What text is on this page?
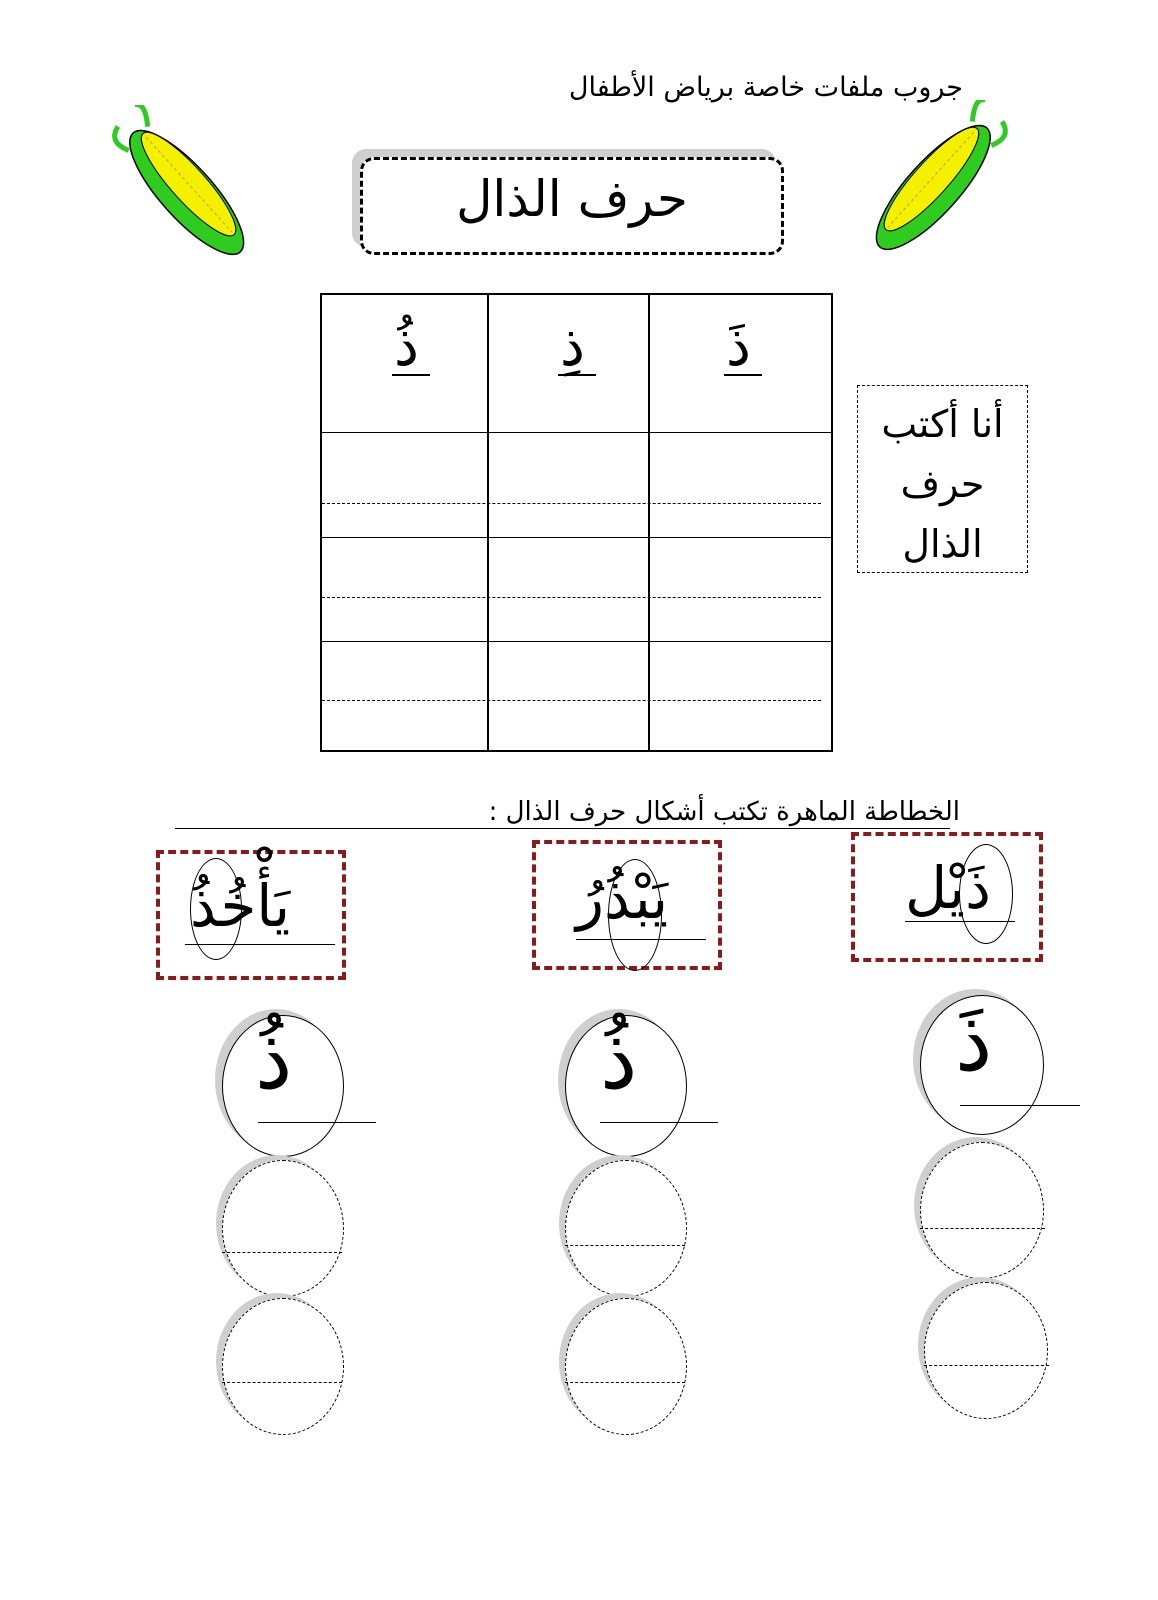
جروب ملفات خاصة برياض الأطفال
حرف الذال
ذُ	ذِ	ذَ
أنا أكتب
حرف
الذال
الخطاطة الماهرة تكتب أشكال حرف الذال :
يَأْخُذُ	يَبْذُرُ	ذَيْل
ذُ	ذُ	ذَ
